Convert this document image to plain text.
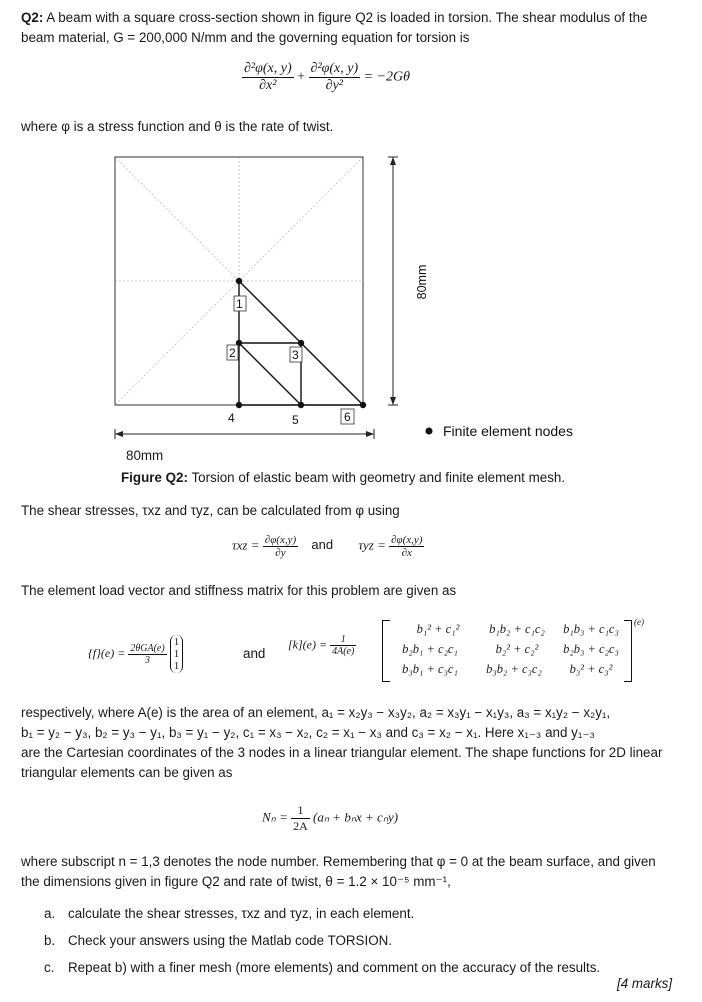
Q2: A beam with a square cross-section shown in figure Q2 is loaded in torsion. The shear modulus of the
beam material, G = 200,000 N/mm and the governing equation for torsion is
$\frac{\text{∂²φ(x, y)}}{\text{∂x²}} + \frac{\text{∂²φ(x, y)}}{\text{∂y²}} = -2G\theta$
where φ is a stress function and θ is the rate of twist.
1
2	3
4	5	6
80mm
Finite element nodes
80mm
Figure Q2: Torsion of elastic beam with geometry and finite element mesh.
The shear stresses, τxz and τyz, can be calculated from φ using
$\tau xz = \frac{\partial\varphi(x,y)}{\partial y}$ and $\tau yz = \frac{\partial\varphi(x,y)}{\partial x}$
The element load vector and stiffness matrix for this problem are given as
$\{f\}(e) = \frac{\text{2θGA(e)}}{3}$

1
1
1
and
$[k](e) = \frac{1}{4A(e)}$
b₁² + c₁²	b₁b₂ + c₁c₂	b₁b₃ + c₁c₃
b₂b₁ + c₂c₁	b₂² + c₂²	b₂b₃ + c₂c₃
b₃b₁ + c₃c₁	b₃b₂ + c₃c₂	b₃² + c₃²
(e)
respectively, where A(e) is the area of an element, a₁ = x₂y₃ − x₃y₂, a₂ = x₃y₁ − x₁y₃, a₃ = x₁y₂ − x₂y₁,
b₁ = y₂ − y₃, b₂ = y₃ − y₁, b₃ = y₁ − y₂, c₁ = x₃ − x₂, c₂ = x₁ − x₃ and c₃ = x₂ − x₁. Here x₁₋₃ and y₁₋₃
are the Cartesian coordinates of the 3 nodes in a linear triangular element. The shape functions for 2D linear
triangular elements can be given as
$N_n = \frac{1}{2A} (a_n + b_nx + c_ny)$
where subscript n = 1,3 denotes the node number. Remembering that φ = 0 at the beam surface, and given
the dimensions given in figure Q2 and rate of twist, θ = 1.2 × 10⁻⁵ mm⁻¹,
a. calculate the shear stresses, τxz and τyz, in each element.
b. Check your answers using the Matlab code TORSION.
c. Repeat b) with a finer mesh (more elements) and comment on the accuracy of the results.
[4 marks]
